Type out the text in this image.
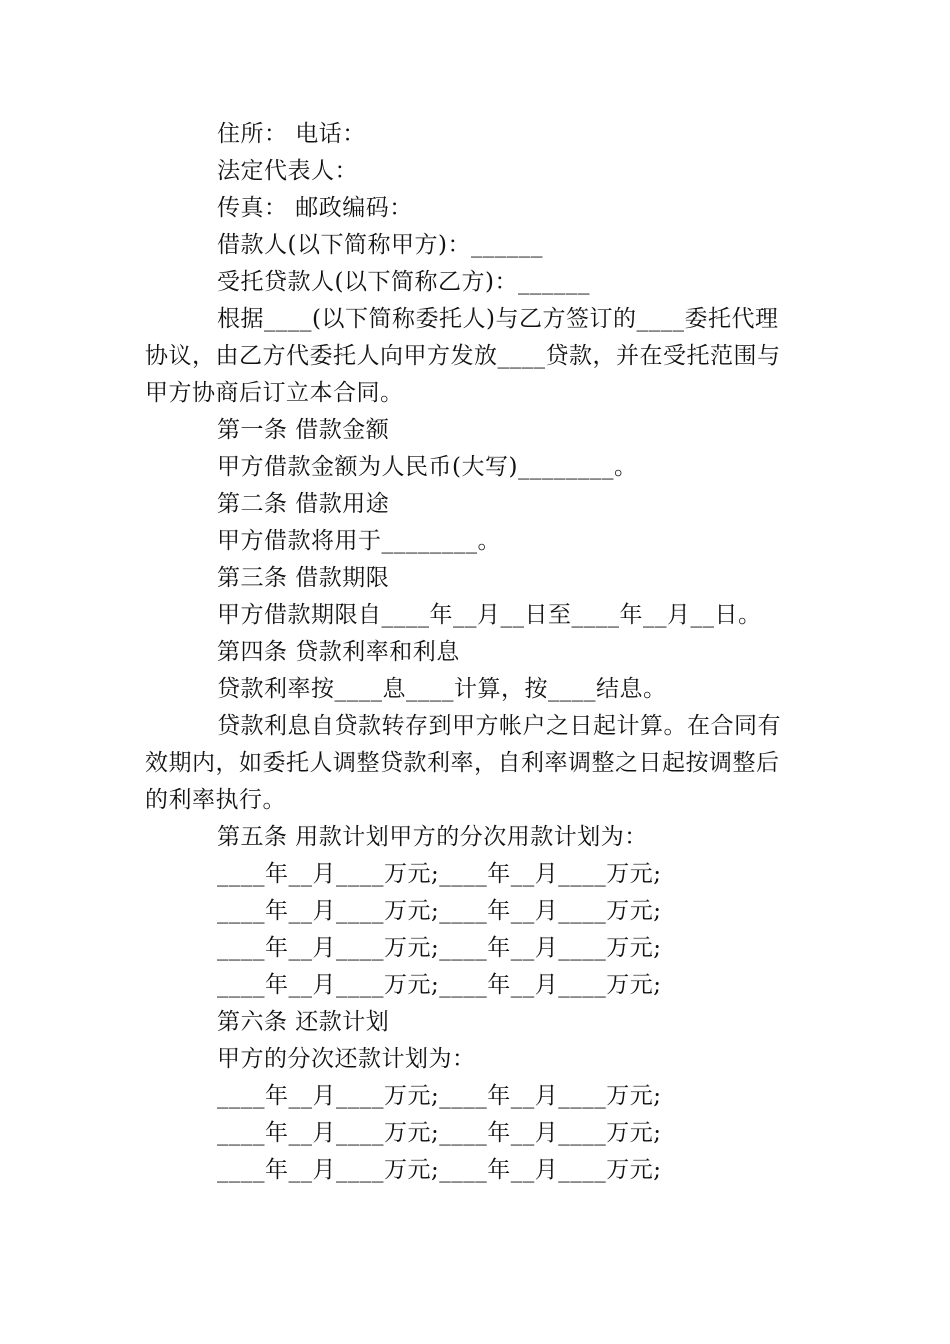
住所： 电话：

法定代表人：

传真： 邮政编码：

借款人(以下简称甲方)：______

受托贷款人(以下简称乙方)：______

根据____(以下简称委托人)与乙方签订的____委托代理协议，由乙方代委托人向甲方发放____贷款，并在受托范围与甲方协商后订立本合同。

第一条 借款金额

甲方借款金额为人民币(大写)________。

第二条 借款用途

甲方借款将用于________。

第三条 借款期限

甲方借款期限自____年__月__日至____年__月__日。

第四条 贷款利率和利息

贷款利率按____息____计算，按____结息。

贷款利息自贷款转存到甲方帐户之日起计算。在合同有效期内，如委托人调整贷款利率，自利率调整之日起按调整后的利率执行。

第五条 用款计划甲方的分次用款计划为：

____年__月____万元;____年__月____万元;

____年__月____万元;____年__月____万元;

____年__月____万元;____年__月____万元;

____年__月____万元;____年__月____万元;

第六条 还款计划

甲方的分次还款计划为：

____年__月____万元;____年__月____万元;

____年__月____万元;____年__月____万元;

____年__月____万元;____年__月____万元;
